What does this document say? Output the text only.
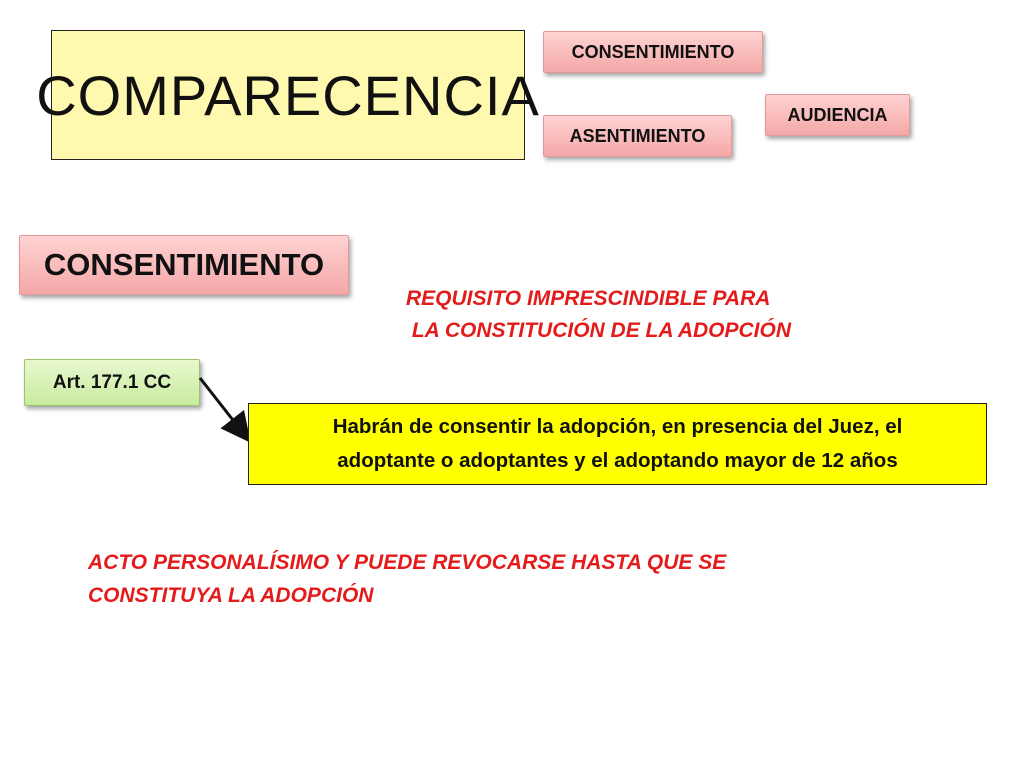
COMPARECENCIA
CONSENTIMIENTO
AUDIENCIA
ASENTIMIENTO
CONSENTIMIENTO
REQUISITO IMPRESCINDIBLE PARA
LA CONSTITUCIÓN DE LA ADOPCIÓN
Art. 177.1 CC
Habrán de consentir la adopción, en presencia del Juez, el
adoptante o adoptantes y el adoptando mayor de 12 años
ACTO PERSONALÍSIMO Y PUEDE REVOCARSE HASTA QUE SE
CONSTITUYA LA ADOPCIÓN
